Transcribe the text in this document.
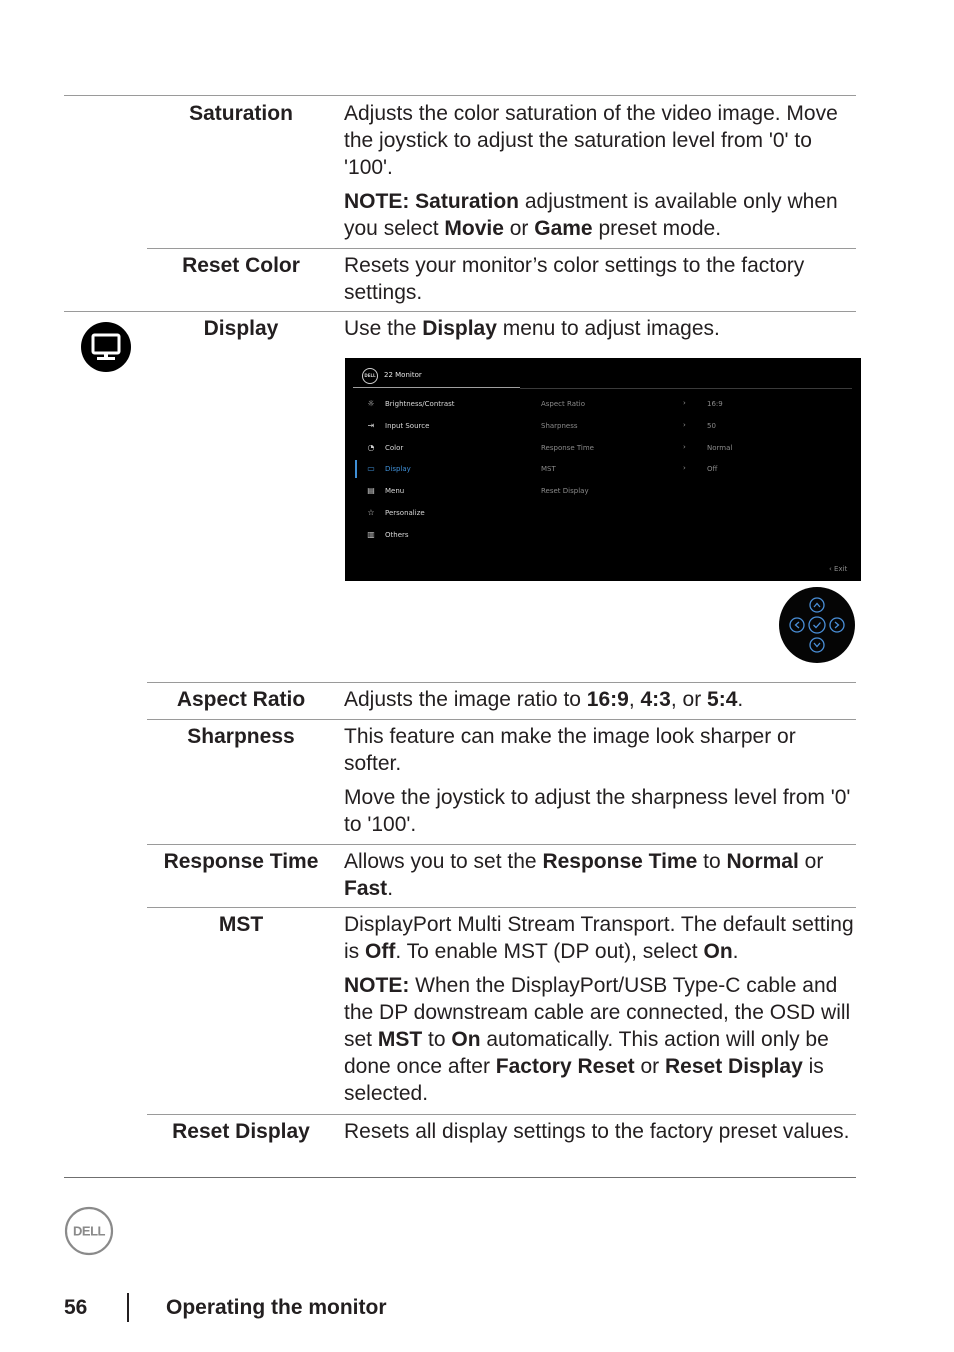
Saturation	Adjusts the color saturation of the video image. Move the joystick to adjust the saturation level from '0' to '100'.

NOTE: Saturation adjustment is available only when you select Movie or Game preset mode.

Reset Color	Resets your monitor’s color settings to the factory settings.

Display	Use the Display menu to adjust images.

DELL	22 Monitor
☼	Brightness/Contrast
⇥	Input Source
◔	Color
▭	Display
▤	Menu
☆	Personalize
▥	Others
Aspect Ratio
Sharpness
Response Time
MST
Reset Display
›
›
›
›
16:9
50
Normal
Off
‹ Exit
Aspect Ratio	Adjusts the image ratio to 16:9, 4:3, or 5:4.

Sharpness	This feature can make the image look sharper or softer.

Move the joystick to adjust the sharpness level from '0' to '100'.

Response Time	Allows you to set the Response Time to Normal or Fast.

MST	DisplayPort Multi Stream Transport. The default setting is Off. To enable MST (DP out), select On.

NOTE: When the DisplayPort/USB Type-C cable and the DP downstream cable are connected, the OSD will set MST to On automatically. This action will only be done once after Factory Reset or Reset Display is selected.

Reset Display	Resets all display settings to the factory preset values.

DELL
56	Operating the monitor
